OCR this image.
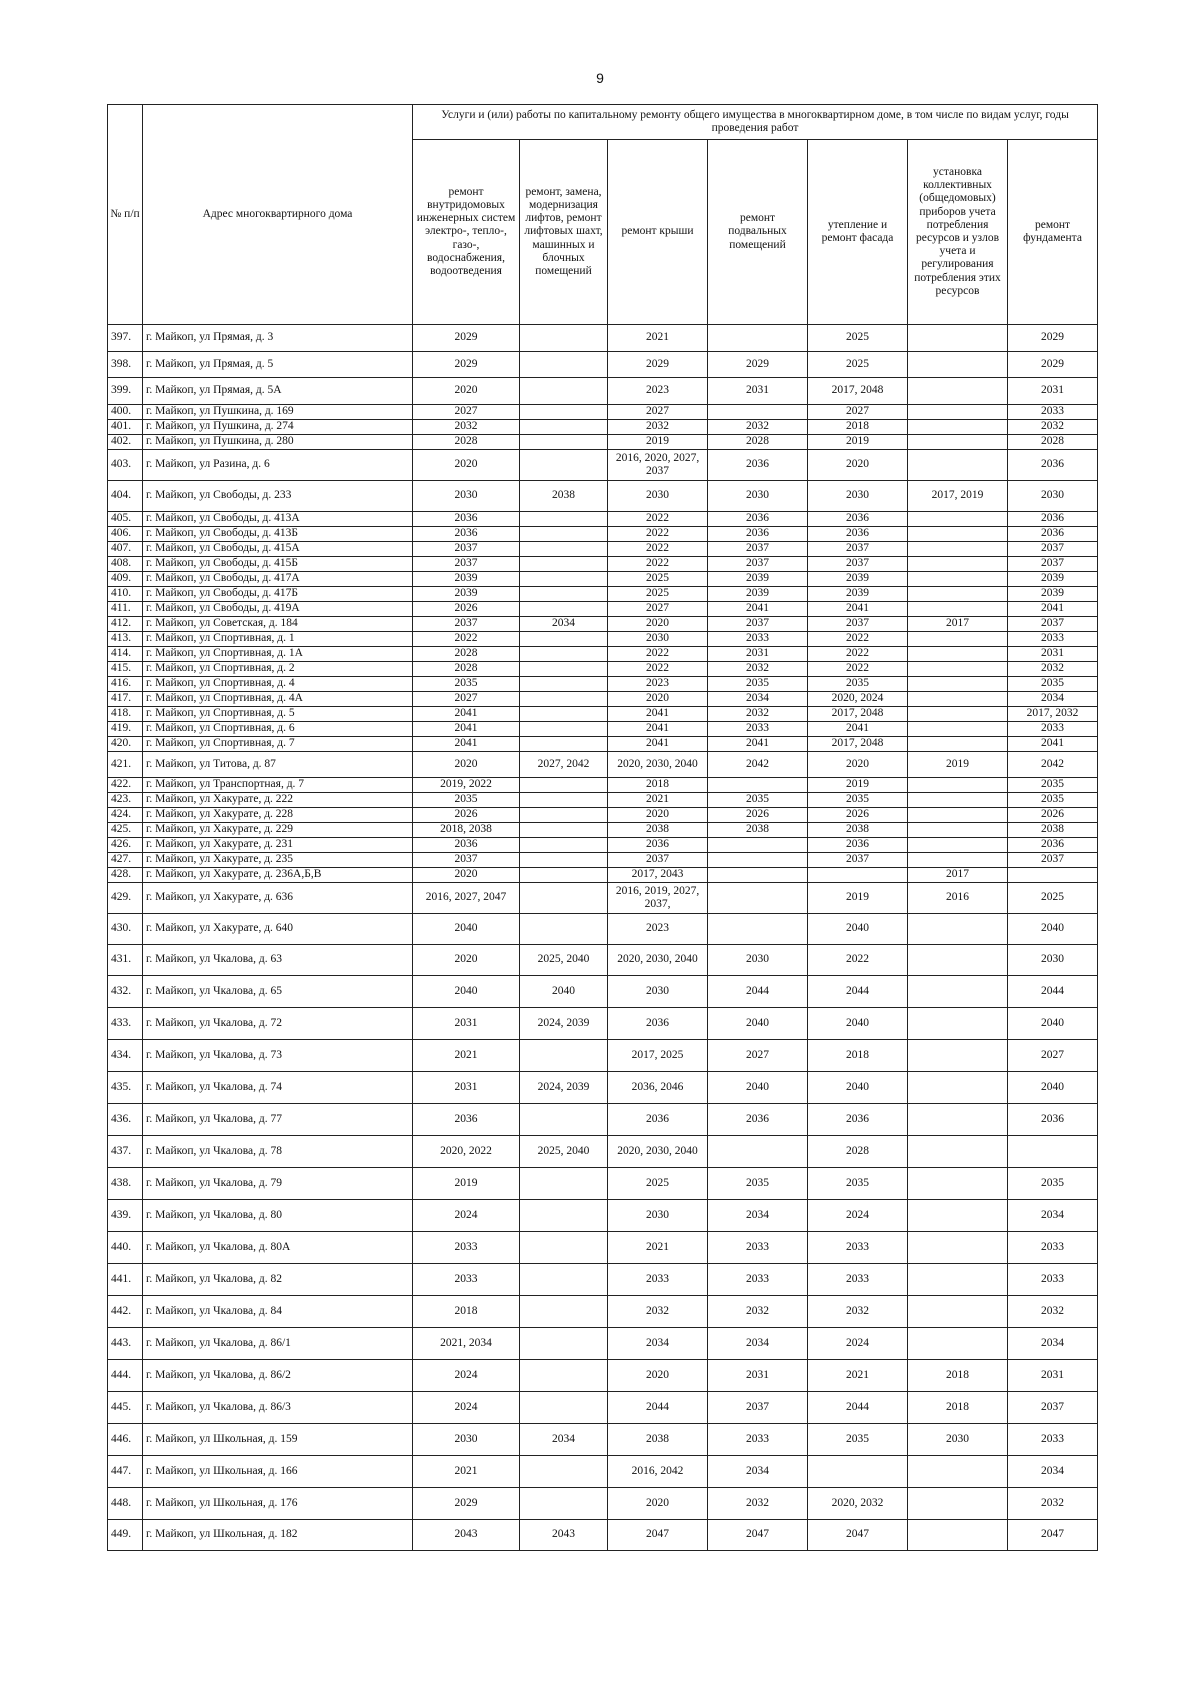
9
№ п/п	Адрес многоквартирного дома	Услуги и (или) работы по капитальному ремонту общего имущества в многоквартирном доме, в том числе по видам услуг, годы проведения работ						
		ремонт внутридомовых инженерных систем электро-, тепло-, газо-, водоснабжения, водоотведения	ремонт, замена, модернизация лифтов, ремонт лифтовых шахт, машинных и блочных помещений	ремонт крыши	ремонт подвальных помещений	утепление и ремонт фасада	установка коллективных (общедомовых) приборов учета потребления ресурсов и узлов учета и регулирования потребления этих ресурсов	ремонт фундамента
397.	г. Майкоп, ул Прямая, д. 3	2029		2021		2025		2029
398.	г. Майкоп, ул Прямая, д. 5	2029		2029	2029	2025		2029
399.	г. Майкоп, ул Прямая, д. 5А	2020		2023	2031	2017, 2048		2031
400.	г. Майкоп, ул Пушкина, д. 169	2027		2027		2027		2033
401.	г. Майкоп, ул Пушкина, д. 274	2032		2032	2032	2018		2032
402.	г. Майкоп, ул Пушкина, д. 280	2028		2019	2028	2019		2028
403.	г. Майкоп, ул Разина, д. 6	2020		2016, 2020, 2027, 2037	2036	2020		2036
404.	г. Майкоп, ул Свободы, д. 233	2030	2038	2030	2030	2030	2017, 2019	2030
405.	г. Майкоп, ул Свободы, д. 413А	2036		2022	2036	2036		2036
406.	г. Майкоп, ул Свободы, д. 413Б	2036		2022	2036	2036		2036
407.	г. Майкоп, ул Свободы, д. 415А	2037		2022	2037	2037		2037
408.	г. Майкоп, ул Свободы, д. 415Б	2037		2022	2037	2037		2037
409.	г. Майкоп, ул Свободы, д. 417А	2039		2025	2039	2039		2039
410.	г. Майкоп, ул Свободы, д. 417Б	2039		2025	2039	2039		2039
411.	г. Майкоп, ул Свободы, д. 419А	2026		2027	2041	2041		2041
412.	г. Майкоп, ул Советская, д. 184	2037	2034	2020	2037	2037	2017	2037
413.	г. Майкоп, ул Спортивная, д. 1	2022		2030	2033	2022		2033
414.	г. Майкоп, ул Спортивная, д. 1А	2028		2022	2031	2022		2031
415.	г. Майкоп, ул Спортивная, д. 2	2028		2022	2032	2022		2032
416.	г. Майкоп, ул Спортивная, д. 4	2035		2023	2035	2035		2035
417.	г. Майкоп, ул Спортивная, д. 4А	2027		2020	2034	2020, 2024		2034
418.	г. Майкоп, ул Спортивная, д. 5	2041		2041	2032	2017, 2048		2017, 2032
419.	г. Майкоп, ул Спортивная, д. 6	2041		2041	2033	2041		2033
420.	г. Майкоп, ул Спортивная, д. 7	2041		2041	2041	2017, 2048		2041
421.	г. Майкоп, ул Титова, д. 87	2020	2027, 2042	2020, 2030, 2040	2042	2020	2019	2042
422.	г. Майкоп, ул Транспортная, д. 7	2019, 2022		2018		2019		2035
423.	г. Майкоп, ул Хакурате, д. 222	2035		2021	2035	2035		2035
424.	г. Майкоп, ул Хакурате, д. 228	2026		2020	2026	2026		2026
425.	г. Майкоп, ул Хакурате, д. 229	2018, 2038		2038	2038	2038		2038
426.	г. Майкоп, ул Хакурате, д. 231	2036		2036		2036		2036
427.	г. Майкоп, ул Хакурате, д. 235	2037		2037		2037		2037
428.	г. Майкоп, ул Хакурате, д. 236А,Б,В	2020		2017, 2043			2017	
429.	г. Майкоп, ул Хакурате, д. 636	2016, 2027, 2047		2016, 2019, 2027, 2037,		2019	2016	2025
430.	г. Майкоп, ул Хакурате, д. 640	2040		2023		2040		2040
431.	г. Майкоп, ул Чкалова, д. 63	2020	2025, 2040	2020, 2030, 2040	2030	2022		2030
432.	г. Майкоп, ул Чкалова, д. 65	2040	2040	2030	2044	2044		2044
433.	г. Майкоп, ул Чкалова, д. 72	2031	2024, 2039	2036	2040	2040		2040
434.	г. Майкоп, ул Чкалова, д. 73	2021		2017, 2025	2027	2018		2027
435.	г. Майкоп, ул Чкалова, д. 74	2031	2024, 2039	2036, 2046	2040	2040		2040
436.	г. Майкоп, ул Чкалова, д. 77	2036		2036	2036	2036		2036
437.	г. Майкоп, ул Чкалова, д. 78	2020, 2022	2025, 2040	2020, 2030, 2040		2028		
438.	г. Майкоп, ул Чкалова, д. 79	2019		2025	2035	2035		2035
439.	г. Майкоп, ул Чкалова, д. 80	2024		2030	2034	2024		2034
440.	г. Майкоп, ул Чкалова, д. 80А	2033		2021	2033	2033		2033
441.	г. Майкоп, ул Чкалова, д. 82	2033		2033	2033	2033		2033
442.	г. Майкоп, ул Чкалова, д. 84	2018		2032	2032	2032		2032
443.	г. Майкоп, ул Чкалова, д. 86/1	2021, 2034		2034	2034	2024		2034
444.	г. Майкоп, ул Чкалова, д. 86/2	2024		2020	2031	2021	2018	2031
445.	г. Майкоп, ул Чкалова, д. 86/3	2024		2044	2037	2044	2018	2037
446.	г. Майкоп, ул Школьная, д. 159	2030	2034	2038	2033	2035	2030	2033
447.	г. Майкоп, ул Школьная, д. 166	2021		2016, 2042	2034			2034
448.	г. Майкоп, ул Школьная, д. 176	2029		2020	2032	2020, 2032		2032
449.	г. Майкоп, ул Школьная, д. 182	2043	2043	2047	2047	2047		2047
